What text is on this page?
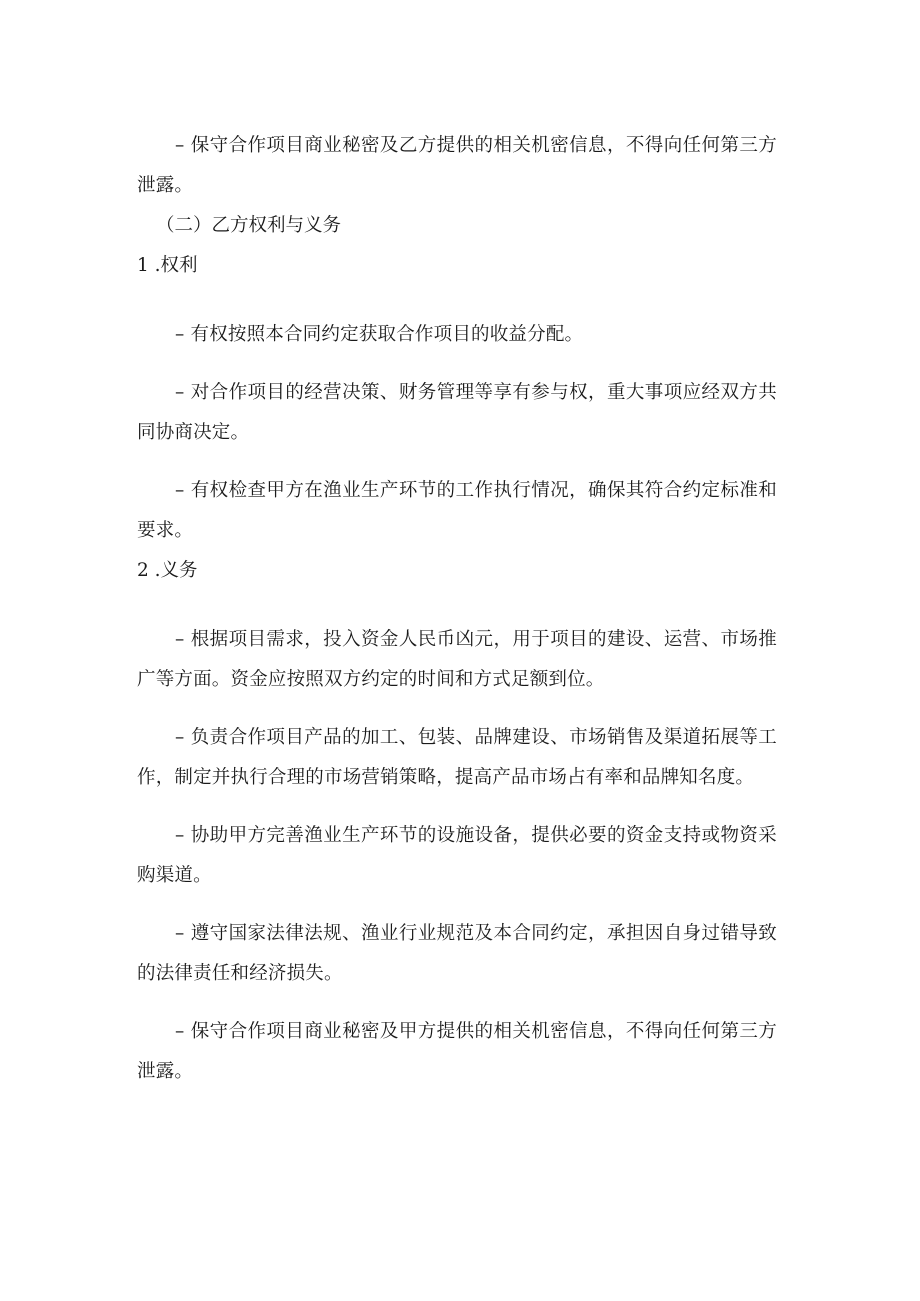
– 保守合作项目商业秘密及乙方提供的相关机密信息，不得向任何第三方泄露。

（二）乙方权利与义务

1 .权利

– 有权按照本合同约定获取合作项目的收益分配。

– 对合作项目的经营决策、财务管理等享有参与权，重大事项应经双方共同协商决定。

– 有权检查甲方在渔业生产环节的工作执行情况，确保其符合约定标准和要求。

2 .义务

– 根据项目需求，投入资金人民币凶元，用于项目的建设、运营、市场推广等方面。资金应按照双方约定的时间和方式足额到位。

– 负责合作项目产品的加工、包装、品牌建设、市场销售及渠道拓展等工作，制定并执行合理的市场营销策略，提高产品市场占有率和品牌知名度。

– 协助甲方完善渔业生产环节的设施设备，提供必要的资金支持或物资采购渠道。

– 遵守国家法律法规、渔业行业规范及本合同约定，承担因自身过错导致的法律责任和经济损失。

– 保守合作项目商业秘密及甲方提供的相关机密信息，不得向任何第三方泄露。
